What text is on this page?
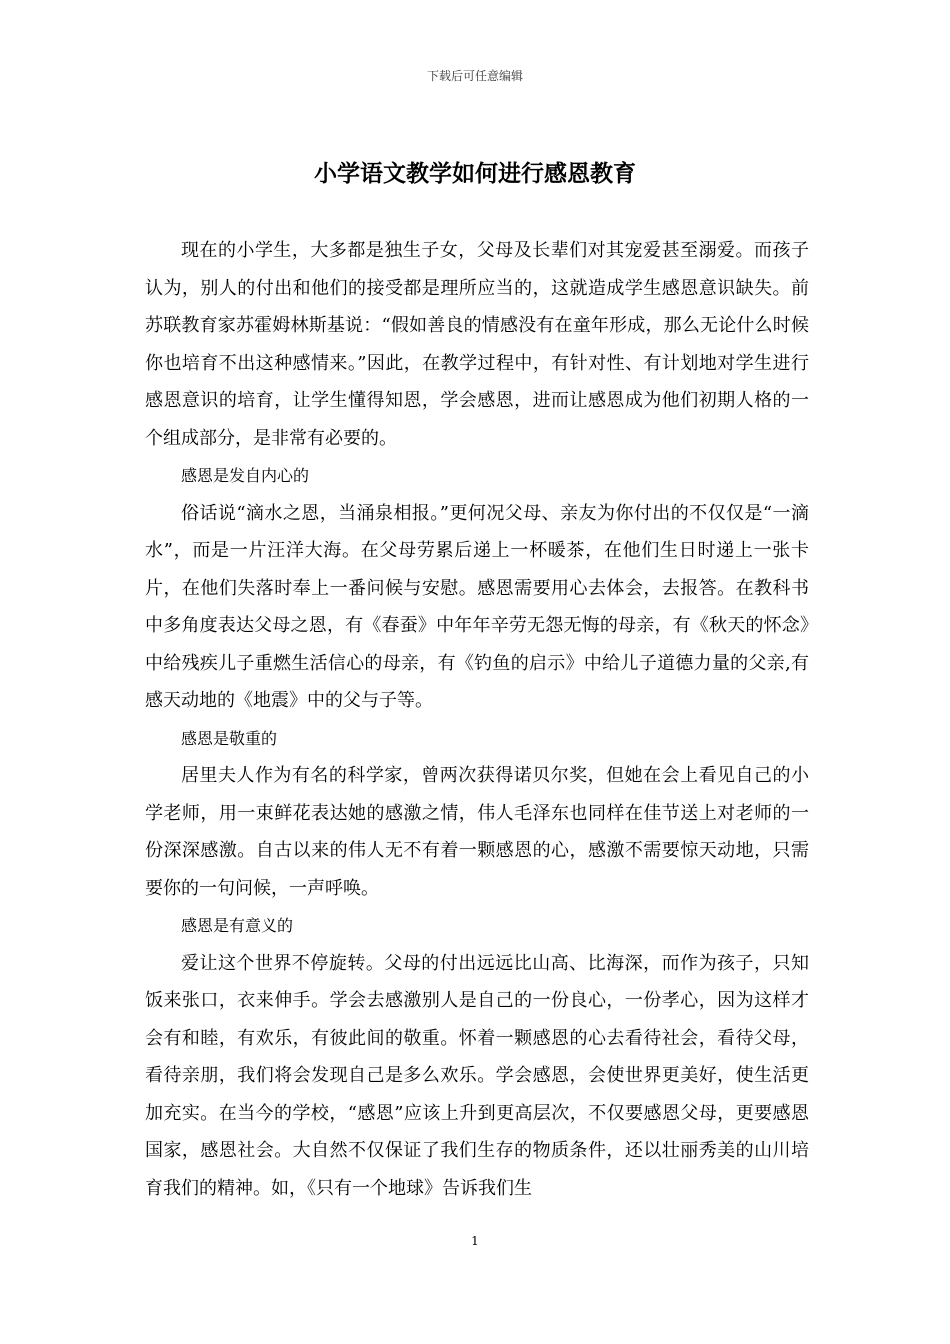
下载后可任意编辑
小学语文教学如何进行感恩教育

现在的小学生，大多都是独生子女，父母及长辈们对其宠爱甚至溺爱。而孩子认为，别人的付出和他们的接受都是理所应当的，这就造成学生感恩意识缺失。前苏联教育家苏霍姆林斯基说：“假如善良的情感没有在童年形成，那么无论什么时候你也培育不出这种感情来。”因此，在教学过程中，有针对性、有计划地对学生进行感恩意识的培育，让学生懂得知恩，学会感恩，进而让感恩成为他们初期人格的一个组成部分，是非常有必要的。

感恩是发自内心的

俗话说“滴水之恩，当涌泉相报。”更何况父母、亲友为你付出的不仅仅是“一滴水”，而是一片汪洋大海。在父母劳累后递上一杯暖茶，在他们生日时递上一张卡片，在他们失落时奉上一番问候与安慰。感恩需要用心去体会，去报答。在教科书中多角度表达父母之恩，有《春蚕》中年年辛劳无怨无悔的母亲，有《秋天的怀念》中给残疾儿子重燃生活信心的母亲，有《钓鱼的启示》中给儿子道德力量的父亲,有感天动地的《地震》中的父与子等。

感恩是敬重的

居里夫人作为有名的科学家，曾两次获得诺贝尔奖，但她在会上看见自己的小学老师，用一束鲜花表达她的感激之情，伟人毛泽东也同样在佳节送上对老师的一份深深感激。自古以来的伟人无不有着一颗感恩的心，感激不需要惊天动地，只需要你的一句问候，一声呼唤。

感恩是有意义的

爱让这个世界不停旋转。父母的付出远远比山高、比海深，而作为孩子，只知饭来张口，衣来伸手。学会去感激别人是自己的一份良心，一份孝心，因为这样才会有和睦，有欢乐，有彼此间的敬重。怀着一颗感恩的心去看待社会，看待父母，看待亲朋，我们将会发现自己是多么欢乐。学会感恩，会使世界更美好，使生活更加充实。在当今的学校，“感恩”应该上升到更高层次，不仅要感恩父母，更要感恩国家，感恩社会。大自然不仅保证了我们生存的物质条件，还以壮丽秀美的山川培育我们的精神。如，《只有一个地球》告诉我们生

1
